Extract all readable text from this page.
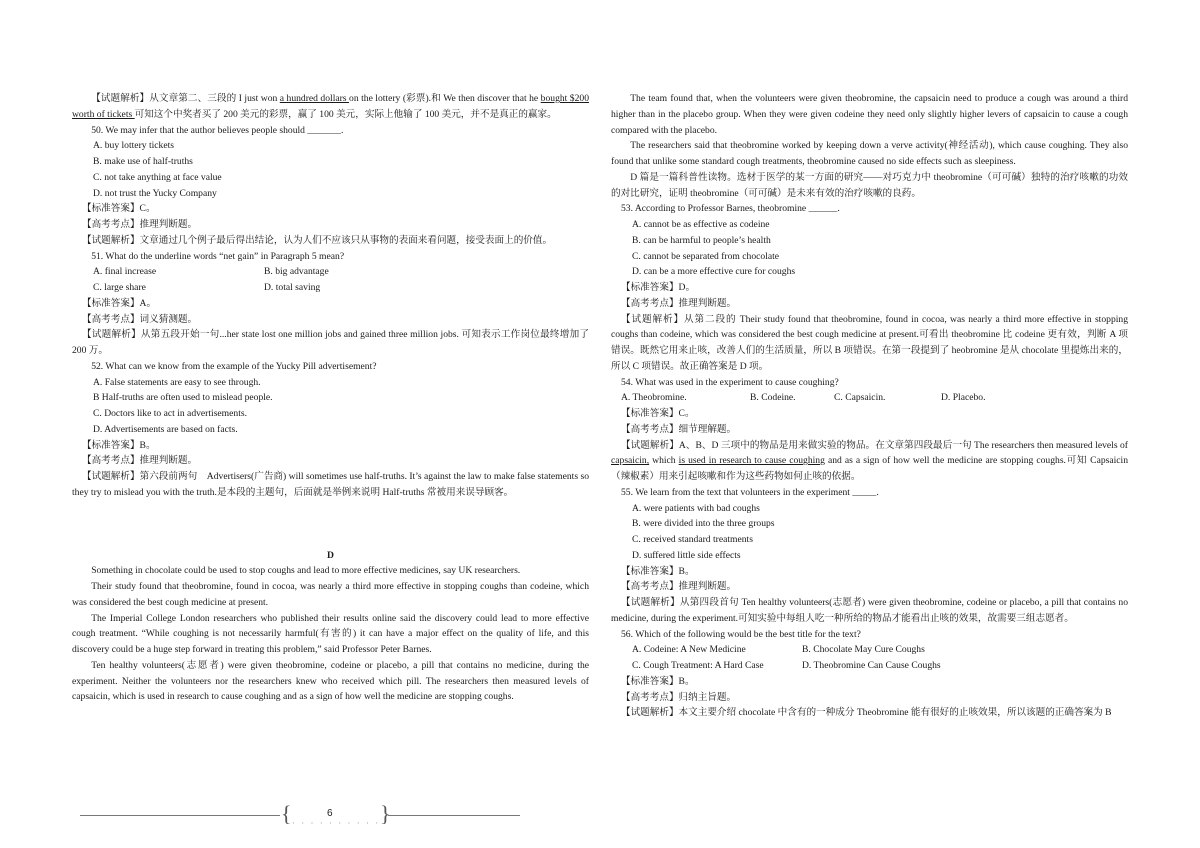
【试题解析】从文章第二、三段的 I just won a hundred dollars on the lottery (彩票).和 We then discover that he bought $200 worth of tickets 可知这个中奖者买了 200 美元的彩票，赢了 100 美元，实际上他输了 100 美元，并不是真正的赢家。

50. We may infer that the author believes people should _______.

A. buy lottery tickets

B. make use of half-truths

C. not take anything at face value

D. not trust the Yucky Company

【标准答案】C。

【高考考点】推理判断题。

【试题解析】文章通过几个例子最后得出结论，认为人们不应该只从事物的表面来看问题，接受表面上的价值。

51. What do the underline words “net gain” in Paragraph 5 mean?

A. final increase	B. big advantage
C. large share	D. total saving

【标准答案】A。

【高考考点】词义猜测题。

【试题解析】从第五段开始一句...her state lost one million jobs and gained three million jobs. 可知表示工作岗位最终增加了 200 万。

52. What can we know from the example of the Yucky Pill advertisement?

A. False statements are easy to see through.

B Half-truths are often used to mislead people.

C. Doctors like to act in advertisements.

D. Advertisements are based on facts.

【标准答案】B。

【高考考点】推理判断题。

【试题解析】第六段前两句　Advertisers(广告商) will sometimes use half-truths. It’s against the law to make false statements so they try to mislead you with the truth.是本段的主题句，后面就是举例来说明 Half-truths 常被用来误导顾客。

D

Something in chocolate could be used to stop coughs and lead to more effective medicines, say UK researchers.

Their study found that theobromine, found in cocoa, was nearly a third more effective in stopping coughs than codeine, which was considered the best cough medicine at present.

The Imperial College London researchers who published their results online said the discovery could lead to more effective cough treatment. “While coughing is not necessarily harmful(有害的) it can have a major effect on the quality of life, and this discovery could be a huge step forward in treating this problem,” said Professor Peter Barnes.

Ten healthy volunteers(志愿者) were given theobromine, codeine or placebo, a pill that contains no medicine, during the experiment. Neither the volunteers nor the researchers knew who received which pill. The researchers then measured levels of capsaicin, which is used in research to cause coughing and as a sign of how well the medicine are stopping coughs.

The team found that, when the volunteers were given theobromine, the capsaicin need to produce a cough was around a third higher than in the placebo group. When they were given codeine they need only slightly higher levers of capsaicin to cause a cough compared with the placebo.

The researchers said that theobromine worked by keeping down a verve activity(神经活动), which cause coughing. They also found that unlike some standard cough treatments, theobromine caused no side effects such as sleepiness.

D 篇是一篇科普性读物。选材于医学的某一方面的研究——对巧克力中 theobromine（可可碱）独特的治疗咳嗽的功效的对比研究，证明 theobromine（可可碱）是未来有效的治疗咳嗽的良药。

53. According to Professor Barnes, theobromine ______.

A. cannot be as effective as codeine

B. can be harmful to people’s health

C. cannot be separated from chocolate

D. can be a more effective cure for coughs

【标准答案】D。

【高考考点】推理判断题。

【试题解析】从第二段的 Their study found that theobromine, found in cocoa, was nearly a third more effective in stopping coughs than codeine, which was considered the best cough medicine at present.可看出 theobromine 比 codeine 更有效，判断 A 项错误。既然它用来止咳，改善人们的生活质量，所以 B 项错误。在第一段提到了 heobromine 是从 chocolate 里提炼出来的，所以 C 项错误。故正确答案是 D 项。

54. What was used in the experiment to cause coughing?

A. Theobromine.	B. Codeine.	C. Capsaicin.	D. Placebo.

【标准答案】C。

【高考考点】细节理解题。

【试题解析】A、B、D 三项中的物品是用来做实验的物品。在文章第四段最后一句 The researchers then measured levels of capsaicin, which is used in research to cause coughing and as a sign of how well the medicine are stopping coughs.可知 Capsaicin（辣椒素）用来引起咳嗽和作为这些药物如何止咳的依据。

55. We learn from the text that volunteers in the experiment _____.

A. were patients with bad coughs

B. were divided into the three groups

C. received standard treatments

D. suffered little side effects

【标准答案】B。

【高考考点】推理判断题。

【试题解析】从第四段首句 Ten healthy volunteers(志愿者) were given theobromine, codeine or placebo, a pill that contains no medicine, during the experiment.可知实验中每组人吃一种所给的物品才能看出止咳的效果，故需要三组志愿者。

56. Which of the following would be the best title for the text?

A. Codeine: A New Medicine	B. Chocolate May Cure Coughs
C. Cough Treatment: A Hard Case	D. Theobromine Can Cause Coughs

【标准答案】B。

【高考考点】归纳主旨题。

【试题解析】本文主要介绍 chocolate 中含有的一种成分 Theobromine 能有很好的止咳效果，所以该题的正确答案为 B

{	6
· · · · · · · · · · }
